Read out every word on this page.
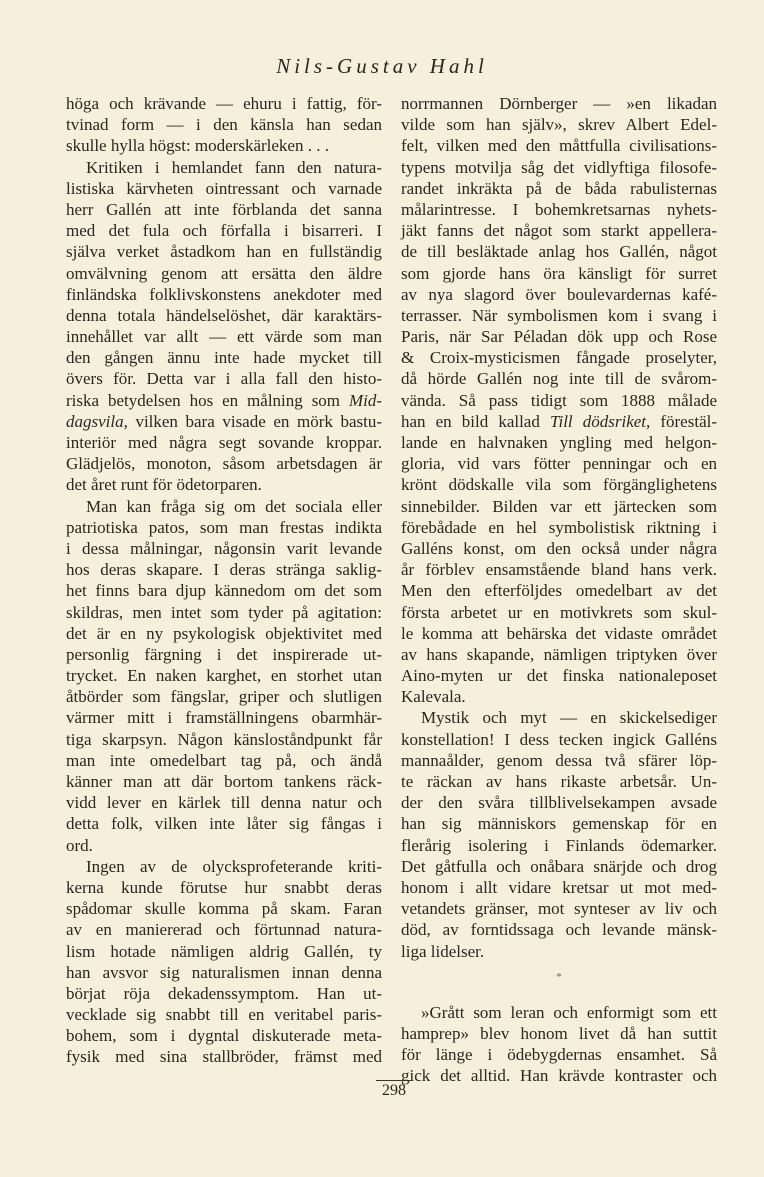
Nils-Gustav Hahl
höga och krävande — ehuru i fattig, för-
tvinad form — i den känsla han sedan
skulle hylla högst: moderskärleken . . .
Kritiken i hemlandet fann den natura-
listiska kärvheten ointressant och varnade
herr Gallén att inte förblanda det sanna
med det fula och förfalla i bisarreri. I
själva verket åstadkom han en fullständig
omvälvning genom att ersätta den äldre
finländska folklivskonstens anekdoter med
denna totala händelselöshet, där karaktärs-
innehållet var allt — ett värde som man
den gången ännu inte hade mycket till
övers för. Detta var i alla fall den histo-
riska betydelsen hos en målning som Mid-
dagsvila, vilken bara visade en mörk bastu-
interiör med några segt sovande kroppar.
Glädjelös, monoton, såsom arbetsdagen är
det året runt för ödetorparen.
Man kan fråga sig om det sociala eller
patriotiska patos, som man frestas indikta
i dessa målningar, någonsin varit levande
hos deras skapare. I deras stränga saklig-
het finns bara djup kännedom om det som
skildras, men intet som tyder på agitation:
det är en ny psykologisk objektivitet med
personlig färgning i det inspirerade ut-
trycket. En naken karghet, en storhet utan
åtbörder som fängslar, griper och slutligen
värmer mitt i framställningens obarmhär-
tiga skarpsyn. Någon känsloståndpunkt får
man inte omedelbart tag på, och ändå
känner man att där bortom tankens räck-
vidd lever en kärlek till denna natur och
detta folk, vilken inte låter sig fångas i
ord.
Ingen av de olycksprofeterande kriti-
kerna kunde förutse hur snabbt deras
spådomar skulle komma på skam. Faran
av en maniererad och förtunnad natura-
lism hotade nämligen aldrig Gallén, ty
han avsvor sig naturalismen innan denna
börjat röja dekadenssymptom. Han ut-
vecklade sig snabbt till en veritabel paris-
bohem, som i dygntal diskuterade meta-
fysik med sina stallbröder, främst med
norrmannen Dörnberger — »en likadan
vilde som han själv», skrev Albert Edel-
felt, vilken med den måttfulla civilisations-
typens motvilja såg det vidlyftiga filosofe-
randet inkräkta på de båda rabulisternas
målarintresse. I bohemkretsarnas nyhets-
jäkt fanns det något som starkt appellera-
de till besläktade anlag hos Gallén, något
som gjorde hans öra känsligt för surret
av nya slagord över boulevardernas kafé-
terrasser. När symbolismen kom i svang i
Paris, när Sar Péladan dök upp och Rose
& Croix-mysticismen fångade proselyter,
då hörde Gallén nog inte till de svårom-
vända. Så pass tidigt som 1888 målade
han en bild kallad Till dödsriket, förestäl-
lande en halvnaken yngling med helgon-
gloria, vid vars fötter penningar och en
krönt dödskalle vila som förgänglighetens
sinnebilder. Bilden var ett järtecken som
förebådade en hel symbolistisk riktning i
Galléns konst, om den också under några
år förblev ensamstående bland hans verk.
Men den efterföljdes omedelbart av det
första arbetet ur en motivkrets som skul-
le komma att behärska det vidaste området
av hans skapande, nämligen triptyken över
Aino-myten ur det finska nationaleposet
Kalevala.
Mystik och myt — en skickelsediger
konstellation! I dess tecken ingick Galléns
mannaålder, genom dessa två sfärer löp-
te räckan av hans rikaste arbetsår. Un-
der den svåra tillblivelsekampen avsade
han sig människors gemenskap för en
flerårig isolering i Finlands ödemarker.
Det gåtfulla och onåbara snärjde och drog
honom i allt vidare kretsar ut mot med-
vetandets gränser, mot synteser av liv och
död, av forntidssaga och levande mänsk-
liga lidelser.
*
»Grått som leran och enformigt som ett
hamprep» blev honom livet då han suttit
för länge i ödebygdernas ensamhet. Så
gick det alltid. Han krävde kontraster och
298
